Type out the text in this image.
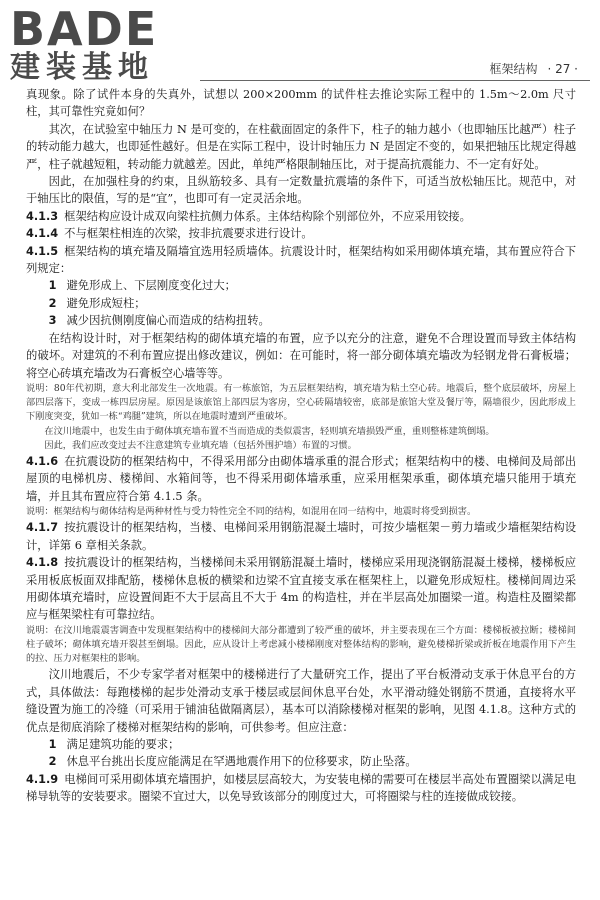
BADE
建装基地	框架结构 · 27 ·

真现象。除了试件本身的失真外，试想以 200×200mm 的试件柱去推论实际工程中的 1.5m～2.0m 尺寸柱，其可靠性究竟如何？

其次，在试验室中轴压力 N 是可变的，在柱截面固定的条件下，柱子的轴力越小（也即轴压比越严）柱子的转动能力越大，也即延性越好。但是在实际工程中，设计时轴压力 N 是固定不变的，如果把轴压比规定得越严，柱子就越短粗，转动能力就越差。因此，单纯严格限制轴压比，对于提高抗震能力、不一定有好处。

因此，在加强柱身的约束，且纵筋较多、具有一定数量抗震墙的条件下，可适当放松轴压比。规范中，对于轴压比的限值，写的是“宜”，也即可有一定灵活余地。

4.1.3 框架结构应设计成双向梁柱抗侧力体系。主体结构除个别部位外，不应采用铰接。

4.1.4 不与框架柱相连的次梁，按非抗震要求进行设计。

4.1.5 框架结构的填充墙及隔墙宜选用轻质墙体。抗震设计时，框架结构如采用砌体填充墙，其布置应符合下列规定：

1 避免形成上、下层刚度变化过大；

2 避免形成短柱；

3 减少因抗侧刚度偏心而造成的结构扭转。

在结构设计时，对于框架结构的砌体填充墙的布置，应予以充分的注意，避免不合理设置而导致主体结构的破坏。对建筑的不利布置应提出修改建议，例如：在可能时，将一部分砌体填充墙改为轻钢龙骨石膏板墙；将空心砖填充墙改为石膏板空心墙等等。

说明：80年代初期，意大利北部发生一次地震。有一栋旅馆，为五层框架结构，填充墙为粘土空心砖。地震后，整个底层破坏，房屋上部四层落下，变成一栋四层房屋。原因是该旅馆上部四层为客房，空心砖隔墙较密，底部是旅馆大堂及餐厅等，隔墙很少，因此形成上下刚度突变，犹如一栋“鸡腿”建筑，所以在地震时遭到严重破坏。

在汶川地震中，也发生由于砌体填充墙布置不当而造成的类似震害，轻则填充墙损毁严重，重则整栋建筑倒塌。

因此，我们应改变过去不注意建筑专业填充墙（包括外围护墙）布置的习惯。

4.1.6 在抗震设防的框架结构中，不得采用部分由砌体墙承重的混合形式；框架结构中的楼、电梯间及局部出屋顶的电梯机房、楼梯间、水箱间等，也不得采用砌体墙承重，应采用框架承重，砌体填充墙只能用于填充墙，并且其布置应符合第 4.1.5 条。

说明：框架结构与砌体结构是两种材性与受力特性完全不同的结构，如混用在同一结构中，地震时将受到损害。

4.1.7 按抗震设计的框架结构，当楼、电梯间采用钢筋混凝土墙时，可按少墙框架－剪力墙或少墙框架结构设计，详第 6 章相关条款。

4.1.8 按抗震设计的框架结构，当楼梯间未采用钢筋混凝土墙时，楼梯应采用现浇钢筋混凝土楼梯，楼梯板应采用板底板面双排配筋，楼梯休息板的横梁和边梁不宜直接支承在框架柱上，以避免形成短柱。楼梯间周边采用砌体填充墙时，应设置间距不大于层高且不大于 4m 的构造柱，并在半层高处加圈梁一道。构造柱及圈梁都应与框架梁柱有可靠拉结。

说明：在汶川地震震害调查中发现框架结构中的楼梯间大部分都遭到了较严重的破坏，并主要表现在三个方面：楼梯板被拉断；楼梯间柱子破坏；砌体填充墙开裂甚至倒塌。因此，应从设计上考虑减小楼梯刚度对整体结构的影响，避免楼梯折梁或折板在地震作用下产生的拉、压力对框架柱的影响。

汶川地震后，不少专家学者对框架中的楼梯进行了大量研究工作，提出了平台板滑动支承于休息平台的方式，具体做法：每跑楼梯的起步处滑动支承于楼层或层间休息平台处，水平滑动缝处钢筋不贯通，直接将水平缝设置为施工的冷缝（可采用于铺油毡做隔离层），基本可以消除楼梯对框架的影响，见图 4.1.8。这种方式的优点是彻底消除了楼梯对框架结构的影响，可供参考。但应注意：

1 满足建筑功能的要求；

2 休息平台挑出长度应能满足在罕遇地震作用下的位移要求，防止坠落。

4.1.9 电梯间可采用砌体填充墙围护，如楼层层高较大，为安装电梯的需要可在楼层半高处布置圈梁以满足电梯导轨等的安装要求。圈梁不宜过大，以免导致该部分的刚度过大，可将圈梁与柱的连接做成铰接。
